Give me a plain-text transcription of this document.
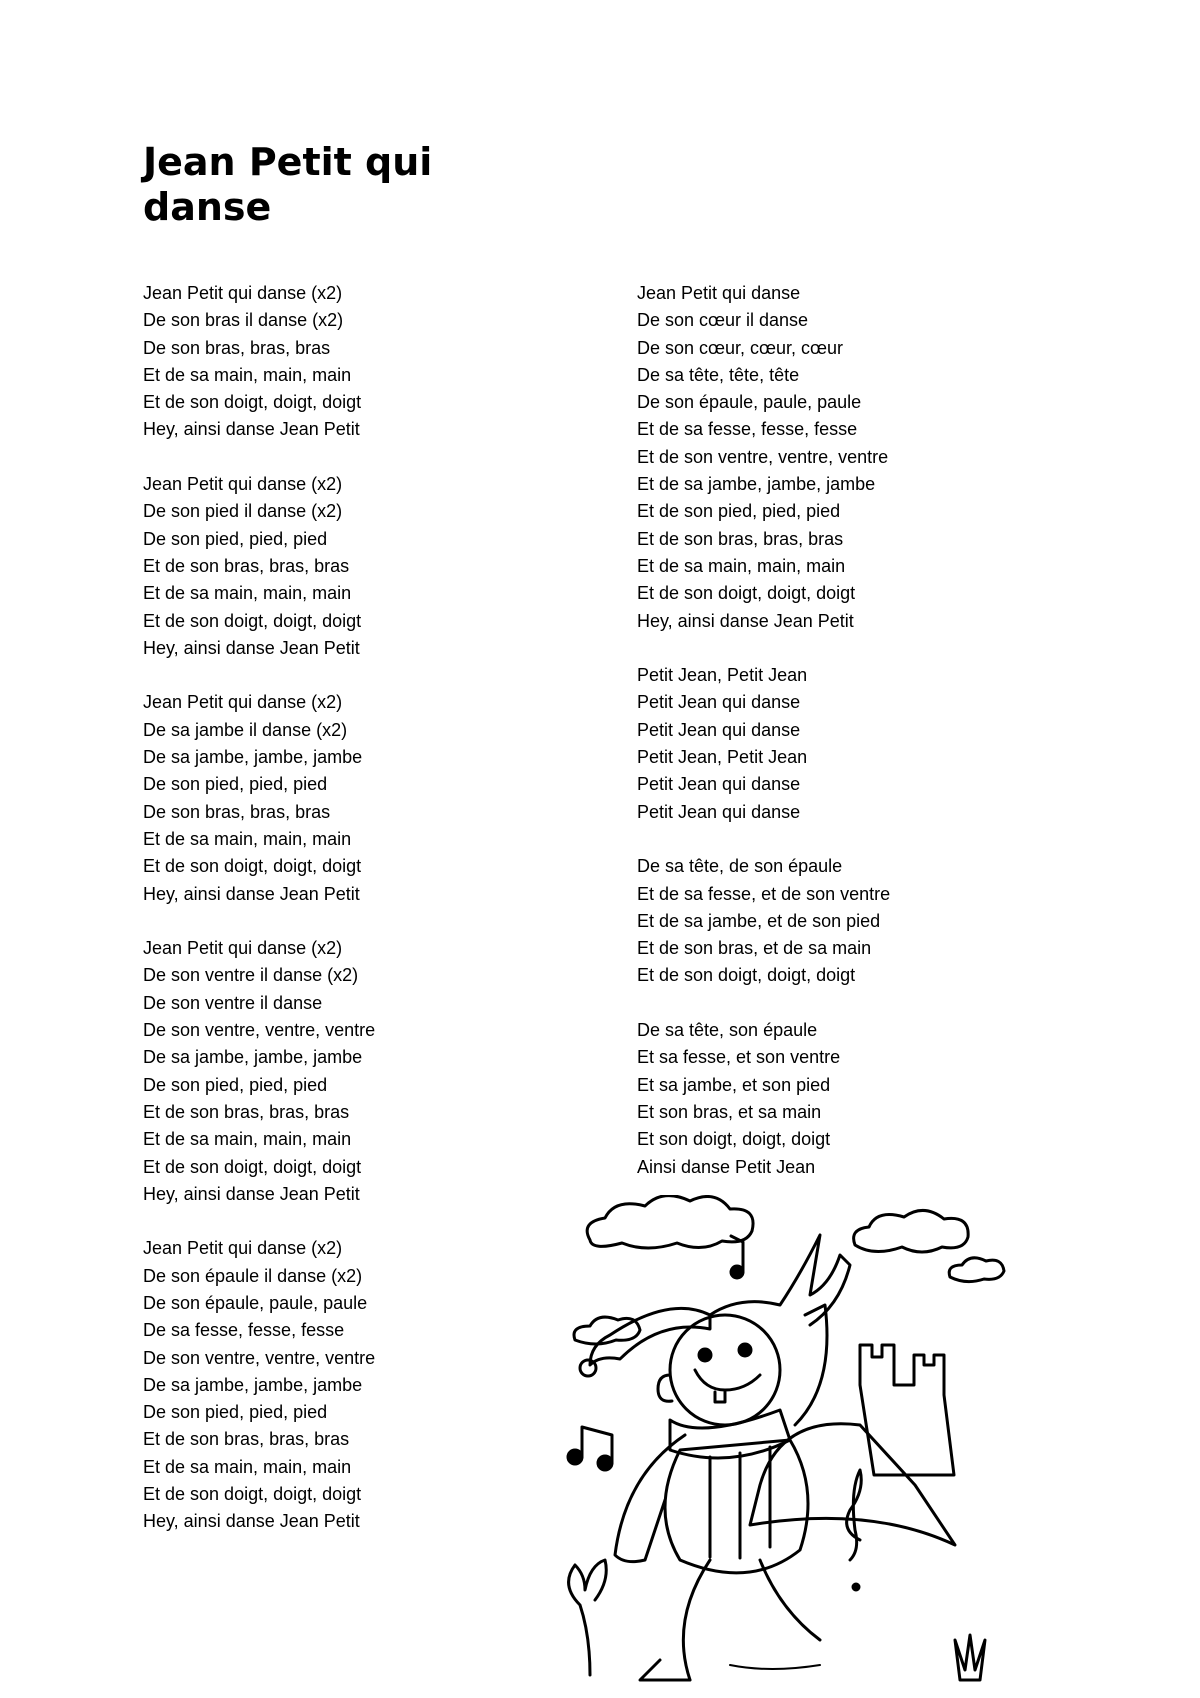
Jean Petit qui danse
Jean Petit qui danse (x2)
De son bras il danse (x2)
De son bras, bras, bras
Et de sa main, main, main
Et de son doigt, doigt, doigt
Hey, ainsi danse Jean Petit
Jean Petit qui danse (x2)
De son pied il danse (x2)
De son pied, pied, pied
Et de son bras, bras, bras
Et de sa main, main, main
Et de son doigt, doigt, doigt
Hey, ainsi danse Jean Petit
Jean Petit qui danse (x2)
De sa jambe il danse (x2)
De sa jambe, jambe, jambe
De son pied, pied, pied
De son bras, bras, bras
Et de sa main, main, main
Et de son doigt, doigt, doigt
Hey, ainsi danse Jean Petit
Jean Petit qui danse (x2)
De son ventre il danse (x2)
De son ventre il danse
De son ventre, ventre, ventre
De sa jambe, jambe, jambe
De son pied, pied, pied
Et de son bras, bras, bras
Et de sa main, main, main
Et de son doigt, doigt, doigt
Hey, ainsi danse Jean Petit
Jean Petit qui danse (x2)
De son épaule il danse (x2)
De son épaule, paule, paule
De sa fesse, fesse, fesse
De son ventre, ventre, ventre
De sa jambe, jambe, jambe
De son pied, pied, pied
Et de son bras, bras, bras
Et de sa main, main, main
Et de son doigt, doigt, doigt
Hey, ainsi danse Jean Petit
Jean Petit qui danse
De son cœur il danse
De son cœur, cœur, cœur
De sa tête, tête, tête
De son épaule, paule, paule
Et de sa fesse, fesse, fesse
Et de son ventre, ventre, ventre
Et de sa jambe, jambe, jambe
Et de son pied, pied, pied
Et de son bras, bras, bras
Et de sa main, main, main
Et de son doigt, doigt, doigt
Hey, ainsi danse Jean Petit
Petit Jean, Petit Jean
Petit Jean qui danse
Petit Jean qui danse
Petit Jean, Petit Jean
Petit Jean qui danse
Petit Jean qui danse
De sa tête, de son épaule
Et de sa fesse, et de son ventre
Et de sa jambe, et de son pied
Et de son bras, et de sa main
Et de son doigt, doigt, doigt
De sa tête, son épaule
Et sa fesse, et son ventre
Et sa jambe, et son pied
Et son bras, et sa main
Et son doigt, doigt, doigt
Ainsi danse Petit Jean
